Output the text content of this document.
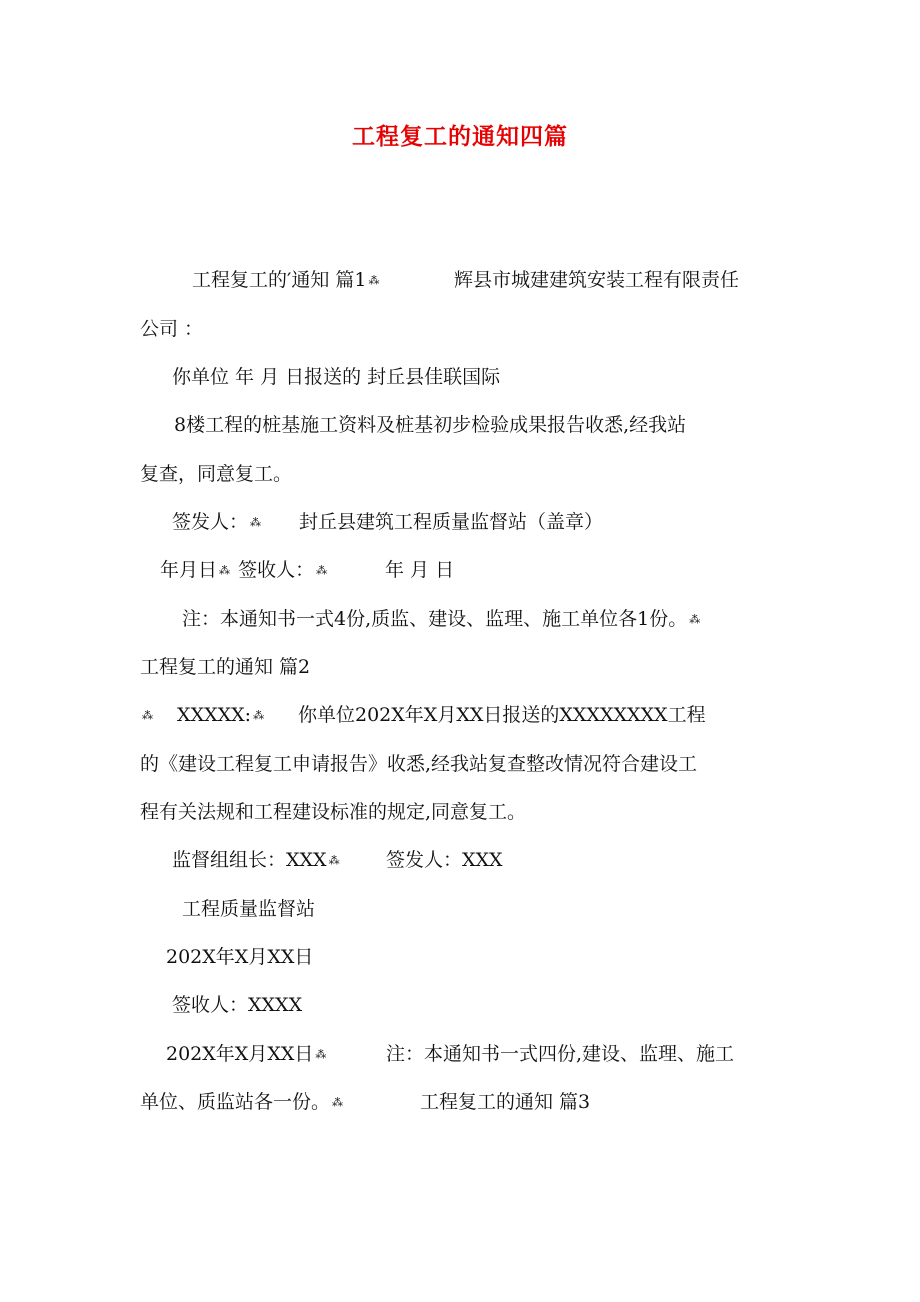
工程复工的通知四篇
工程复工的′通知 篇1 ⁂	辉县市城建建筑安装工程有限责任
公司 ：
你单位 年 月 日报送的 封丘县佳联国际
8楼工程的桩基施工资料及桩基初步检验成果报告收悉,经我站
复查，同意复工。
签发人： ⁂ 封丘县建筑工程质量监督站（盖章）
年月日 ⁂ 签收人： ⁂	年 月 日
注：本通知书一式4份,质监、建设、监理、施工单位各1份。 ⁂
工程复工的通知 篇2
⁂ XXXXX: ⁂ 你单位202X年X月XX日报送的XXXXXXXX工程
的《建设工程复工申请报告》收悉,经我站复查整改情况符合建设工
程有关法规和工程建设标准的规定,同意复工。
监督组组长：XXX ⁂ 签发人：XXX
工程质量监督站
202X年X月XX日
签收人：XXXX
202X年X月XX日 ⁂	注：本通知书一式四份,建设、监理、施工
单位、质监站各一份。 ⁂	工程复工的通知 篇3
